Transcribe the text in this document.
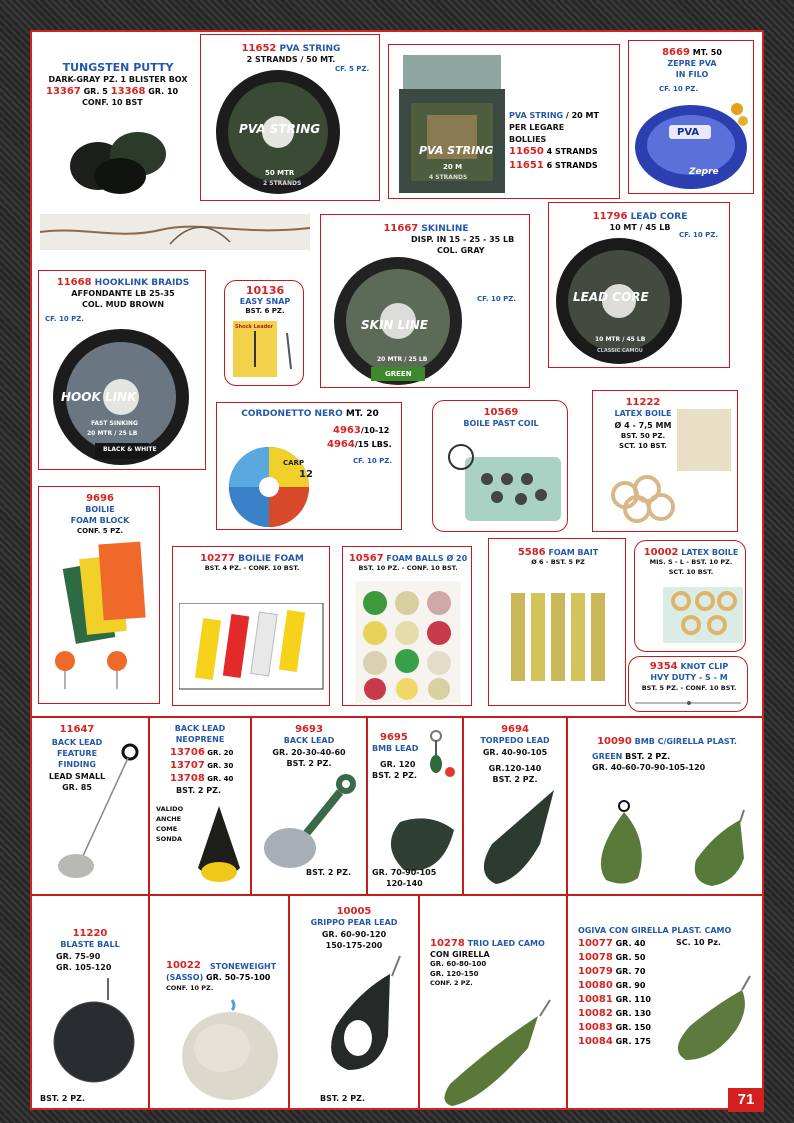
TUNGSTEN PUTTY
DARK-GRAY PZ. 1 BLISTER BOX
13367 GR. 5 13368 GR. 10
CONF. 10 BST
11652 PVA STRING
2 STRANDS / 50 MT.
CF. 5 PZ.
PVA STRING
50 MTR
2 STRANDS
PVA STRING
20 M
4 STRANDS
PVA STRING / 20 MT
PER LEGARE
BOLLIES
11650 4 STRANDS
11651 6 STRANDS
8669 MT. 50
ZEPRE PVA
IN FILO
CF. 10 PZ.
PVA
Zepre
11667 SKINLINE
DISP. IN 15 - 25 - 35 LB
COL. GRAY
CF. 10 PZ.
SKIN LINE
20 MTR / 25 LB
GREEN
11796 LEAD CORE
10 MT / 45 LB
CF. 10 PZ.
LEAD CORE
10 MTR / 45 LB
CLASSIC CAMOU
11668 HOOKLINK BRAIDS
AFFONDANTE LB 25-35
COL. MUD BROWN
CF. 10 PZ.
HOOK LINK
FAST SINKING
20 MTR / 25 LB
BLACK & WHITE
10136
EASY SNAP
BST. 6 PZ.
Shock Leader
CORDONETTO NERO MT. 20
4963/10-12
4964/15 LBS.
CF. 10 PZ.
CARP
12
10569
BOILE PAST COIL
11222
LATEX BOILE
Ø 4 - 7,5 MM
BST. 50 PZ.
SCT. 10 BST.
9696
BOILIE
FOAM BLOCK
CONF. 5 PZ.
10277 BOILIE FOAM
BST. 4 PZ. - CONF. 10 BST.
10567 FOAM BALLS Ø 20
BST. 10 PZ. - CONF. 10 BST.
5586 FOAM BAIT
Ø 6 - BST. 5 PZ
10002 LATEX BOILE
MIS. S - L - BST. 10 PZ.
SCT. 10 BST.
9354 KNOT CLIP
HVY DUTY - S - M
BST. 5 PZ. - CONF. 10 BST.
11647
BACK LEAD
FEATURE
FINDING
LEAD SMALL
GR. 85
BACK LEAD
NEOPRENE
13706 GR. 20
13707 GR. 30
13708 GR. 40
BST. 2 PZ.
VALIDO
ANCHE
COME
SONDA
9693
BACK LEAD
GR. 20-30-40-60
BST. 2 PZ.
BST. 2 PZ.
9695
BMB LEAD
GR. 120
BST. 2 PZ.
GR. 70-90-105
120-140
9694
TORPEDO LEAD
GR. 40-90-105
GR.120-140
BST. 2 PZ.
10090 BMB C/GIRELLA PLAST.
GREEN BST. 2 PZ.
GR. 40-60-70-90-105-120
11220
BLASTE BALL
GR. 75-90
GR. 105-120
BST. 2 PZ.
10022 STONEWEIGHT
(SASSO) GR. 50-75-100
CONF. 10 PZ.
10005
GRIPPO PEAR LEAD
GR. 60-90-120
150-175-200
BST. 2 PZ.
10278 TRIO LAED CAMO
CON GIRELLA
GR. 60-80-100
GR. 120-150
CONF. 2 PZ.
OGIVA CON GIRELLA PLAST. CAMO
SC. 10 Pz.
10077 GR. 40
10078 GR. 50
10079 GR. 70
10080 GR. 90
10081 GR. 110
10082 GR. 130
10083 GR. 150
10084 GR. 175
71
